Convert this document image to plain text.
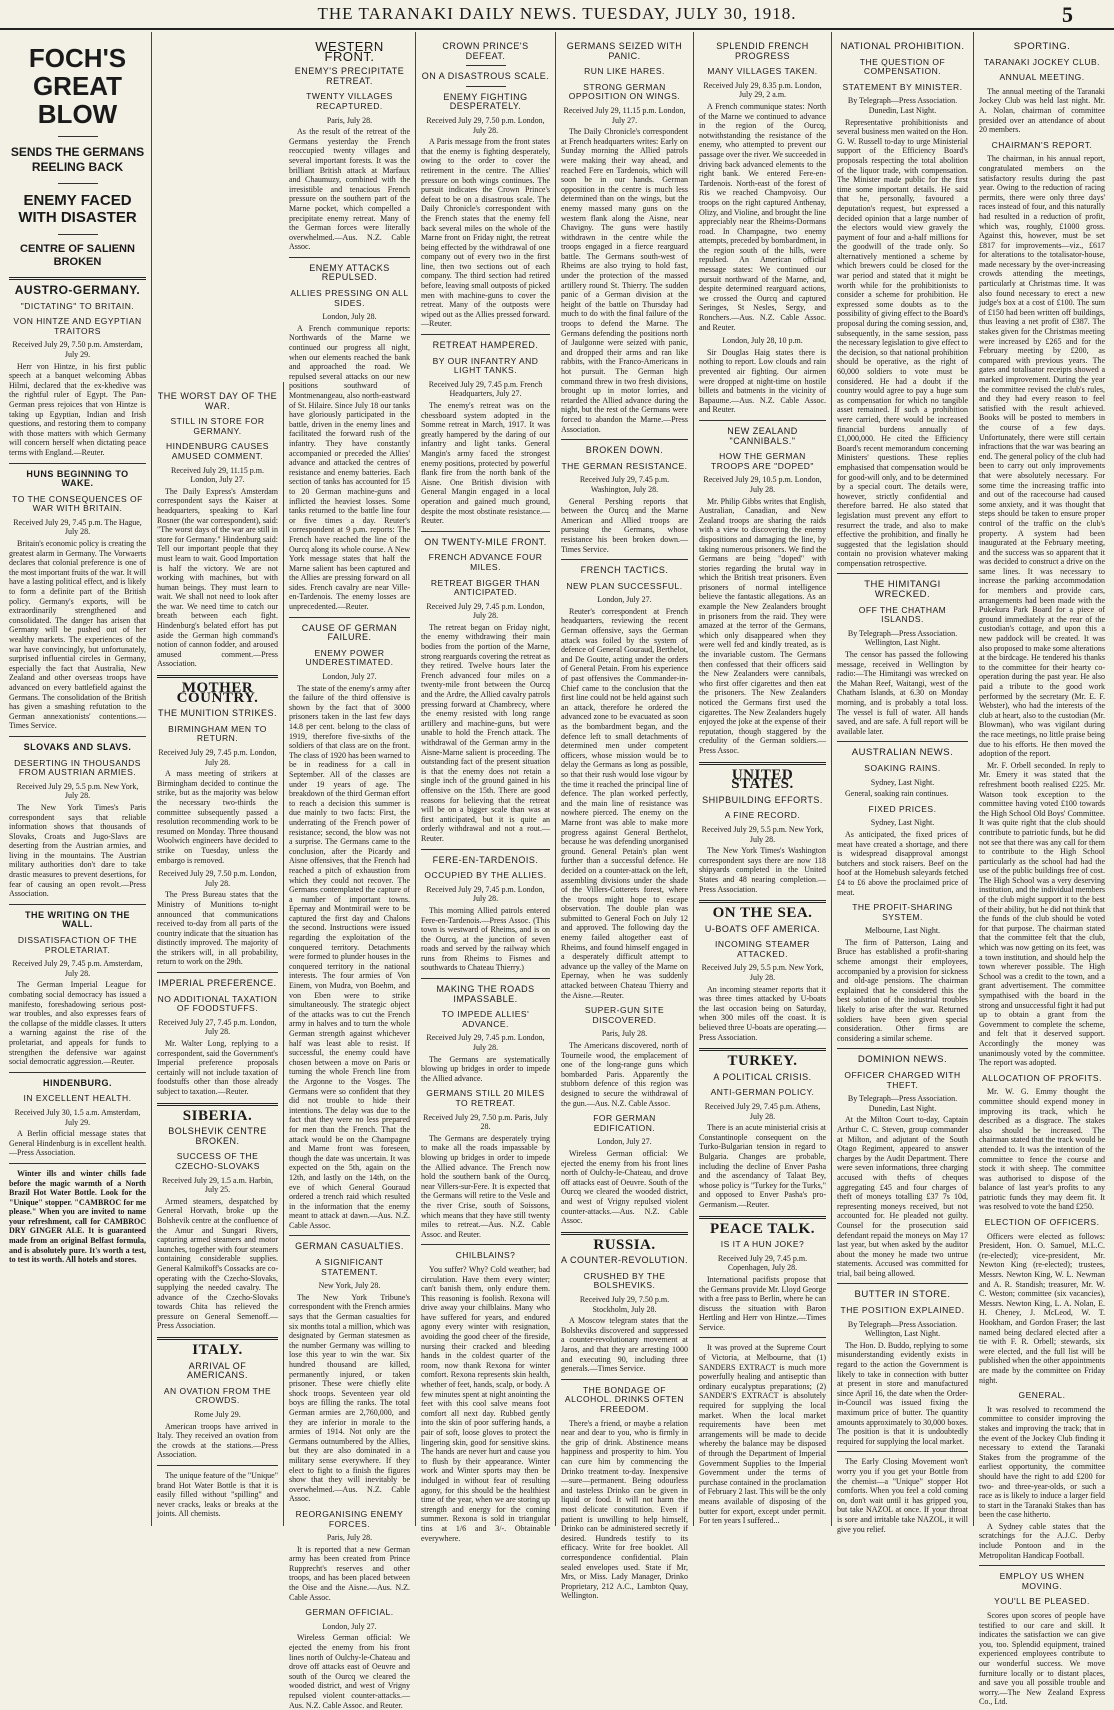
THE TARANAKI DAILY NEWS. TUESDAY, JULY 30, 1918.	5
FOCH'S GREAT BLOW
SENDS THE GERMANS REELING BACK
ENEMY FACED WITH DISASTER
CENTRE OF SALIENN BROKEN
AUSTRO-GERMANY.
"DICTATING" TO BRITAIN.
VON HINTZE AND EGYPTIAN TRAITORS

Received July 29, 7.50 p.m. Amsterdam, July 29.

Herr von Hintze, in his first public speech at a banquet welcoming Abbas Hilmi, declared that the ex-khedive was the rightful ruler of Egypt. The Pan-German press rejoices that von Hintze is taking up Egyptian, Indian and Irish questions, and restoring them to company with those matters with which Germany will concern herself when dictating peace terms with England.—Reuter.

HUNS BEGINNING TO WAKE.
TO THE CONSEQUENCES OF WAR WITH BRITAIN.

Received July 29, 7.45 p.m. The Hague, July 28.

Britain's economic policy is creating the greatest alarm in Germany. The Vorwaerts declares that colonial preference is one of the most important fruits of the war. It will have a lasting political effect, and is likely to form a definite part of the British policy. Germany's exports, will be extraordinarily strengthened and consolidated. The danger has arisen that Germany will be pushed out of her wealthy markets. The experiences of the war have convincingly, but unfortunately, surprised influential circles in Germany, especially the fact that Australia, New Zealand and other overseas troops have advanced on every battlefield against the Germans. The consolidation of the British has given a smashing refutation to the German annexationists' contentions.—Times Service.

SLOVAKS AND SLAVS.
DESERTING IN THOUSANDS FROM AUSTRIAN ARMIES.

Received July 29, 5.5 p.m. New York, July 28.

The New York Times's Paris correspondent says that reliable information shows that thousands of Slovaks, Croats and Jugo-Slavs are deserting from the Austrian armies, and living in the mountains. The Austrian military authorities don't dare to take drastic measures to prevent desertions, for fear of causing an open revolt.—Press Association.

THE WRITING ON THE WALL.
DISSATISFACTION OF THE PROLETARIAT.

Received July 29, 7.45 p.m. Amsterdam, July 28.

The German Imperial League for combating social democracy has issued a manifesto, foreshadowing serious post-war troubles, and also expresses fears of the collapse of the middle classes. It utters a warning against the rise of the proletariat, and appeals for funds to strengthen the defensive war against social democratic aggression.—Reuter.

HINDENBURG.
IN EXCELLENT HEALTH.

Received July 30, 1.5 a.m. Amsterdam, July 29.

A Berlin official message states that General Hindenburg is in excellent health.—Press Association.

Winter ills and winter chills fade before the magic warmth of a North Brazil Hot Water Bottle. Look for the "Unique" stopper. "CAMBROC for me please." When you are invited to name your refreshment, call for CAMBROC DRY GINGER ALE. It is guaranteed made from an original Belfast formula, and is absolutely pure. It's worth a test, to test its worth. All hotels and stores.

THE WORST DAY OF THE WAR.
STILL IN STORE FOR GERMANY.
HINDENBURG CAUSES AMUSED COMMENT.

Received July 29, 11.15 p.m. London, July 27.

The Daily Express's Amsterdam correspondent says the Kaiser at headquarters, speaking to Karl Rosner (the war correspondent), said: "The worst days of the war are still in store for Germany." Hindenburg said: Tell our important people that they must learn to wait. Good Importation is half the victory. We are not working with machines, but with human beings. They must learn to wait. We shall not need to look after the war. We need time to catch our breath between each fight. Hindenburg's belated effort has put aside the German high command's notion of cannon fodder, and aroused amused comment.—Press Association.

MOTHER COUNTRY.
THE MUNITION STRIKES.
BIRMINGHAM MEN TO RETURN.

Received July 29, 7.45 p.m. London, July 28.

A mass meeting of strikers at Birmingham decided to continue the strike, but as the majority was below the necessary two-thirds the committee subsequently passed a resolution recommending work to be resumed on Monday. Three thousand Woolwich engineers have decided to strike on Tuesday, unless the embargo is removed.

Received July 29, 7.50 p.m. London, July 28.

The Press Bureau states that the Ministry of Munitions to-night announced that communications received to-day from all parts of the country indicate that the situation has distinctly improved. The majority of the strikers will, in all probability, return to work on the 29th.

IMPERIAL PREFERENCE.
NO ADDITIONAL TAXATION OF FOODSTUFFS.

Received July 27, 7.45 p.m. London, July 28.

Mr. Walter Long, replying to a correspondent, said the Government's Imperial preference proposals certainly will not include taxation of foodstuffs other than those already subject to taxation.—Reuter.

SIBERIA.
BOLSHEVIK CENTRE BROKEN.
SUCCESS OF THE CZECHO-SLOVAKS

Received July 29, 1.5 a.m. Harbin, July 25.

Armed steamers, despatched by General Horvath, broke up the Bolshevik centre at the confluence of the Amur and Sungari Rivers, capturing armed steamers and motor launches, together with four steamers containing considerable supplies. General Kalmikoff's Cossacks are co-operating with the Czecho-Slovaks, supplying the needed cavalry. The advance of the Czecho-Slovaks towards Chita has relieved the pressure on General Semenoff.—Press Association.

ITALY.
ARRIVAL OF AMERICANS.
AN OVATION FROM THE CROWDS.

Rome July 29.

American troops have arrived in Italy. They received an ovation from the crowds at the stations.—Press Association.

The unique feature of the "Unique" brand Hot Water Bottle is that it is easily filled without "spilling" and never cracks, leaks or breaks at the joints. All chemists.

WESTERN FRONT.
ENEMY'S PRECIPITATE RETREAT.
TWENTY VILLAGES RECAPTURED.

Paris, July 28.

As the result of the retreat of the Germans yesterday the French reoccupied twenty villages and several important forests. It was the brilliant British attack at Marfaux and Chaumuzy, combined with the irresistible and tenacious French pressure on the southern part of the Marne pocket, which compelled a precipitate enemy retreat. Many of the German forces were literally overwhelmed.—Aus. N.Z. Cable Assoc.

ENEMY ATTACKS REPULSED.
ALLIES PRESSING ON ALL SIDES.

London, July 28.

A French communique reports: Northwards of the Marne we continued our progress all night, when our elements reached the bank and approached the road. We repulsed several attacks on our new positions southward of Montmenangeau, also north-eastward of St. Hilaire. Since July 18 our tanks have gloriously participated in the battle, driven in the enemy lines and facilitated the forward rush of the infantry. They have constantly accompanied or preceded the Allies' advance and attacked the centres of resistance and enemy batteries. Each section of tanks has accounted for 15 to 20 German machine-guns and inflicted the heaviest losses. Some tanks returned to the battle line four or five times a day. Reuter's correspondent at 9 p.m. reports: The French have reached the line of the Ourcq along its whole course. A New York message states that half the Marne salient has been captured and the Allies are pressing forward on all sides. French cavalry are near Ville-en-Tardenois. The enemy losses are unprecedented.—Reuter.

CAUSE OF GERMAN FAILURE.
ENEMY POWER UNDERESTIMATED.

London, July 27.

The state of the enemy's army after the failure of the third offensive is shown by the fact that of 3000 prisoners taken in the last few days 14.8 per cent. belong to the class of 1919, therefore five-sixths of the soldiers of that class are on the front. The class of 1920 has been warned to be in readiness for a call in September. All of the classes are under 19 years of age. The breakdown of the third German effort to reach a decision this summer is due mainly to two facts: First, the underrating of the French power of resistance; second, the blow was not a surprise. The Germans came to the conclusion, after the Picardy and Aisne offensives, that the French had reached a pitch of exhaustion from which they could not recover. The Germans contemplated the capture of a number of important towns. Epernay and Montmirail were to be captured the first day and Chalons the second. Instructions were issued regarding the exploitation of the conquered territory. Detachments were formed to plunder houses in the conquered territory in the national interests. The four armies of Von Einem, von Mudra, von Boehm, and von Eben were to strike simultaneously. The strategic object of the attacks was to cut the French army in halves and to turn the whole German strength against whichever half was least able to resist. If successful, the enemy could have chosen between a move on Paris or turning the whole French line from the Argonne to the Vosges. The Germans were so confident that they did not trouble to hide their intentions. The delay was due to the fact that they were no less prepared for men than the French. That the attack would be on the Champagne and Marne front was foreseen, though the date was uncertain. It was expected on the 5th, again on the 12th, and lastly on the 14th, on the eve of which General Gouraud ordered a trench raid which resulted in the information that the enemy meant to attack at dawn.—Aus. N.Z. Cable Assoc.

GERMAN CASUALTIES.
A SIGNIFICANT STATEMENT.

New York, July 28.

The New York Tribune's correspondent with the French armies says that the German casualties for six months total a million, which was designated by German statesmen as the number Germany was willing to lose this year to win the war. Six hundred thousand are killed, permanently injured, or taken prisoner. These were chiefly elite shock troops. Seventeen year old boys are filling the ranks. The total German armies are 2,760,000, and they are inferior in morale to the armies of 1914. Not only are the Germans outnumbered by the Allies, but they are also dominated in a military sense everywhere. If they elect to fight to a finish the figures show that they will inevitably be overwhelmed.—Aus. N.Z. Cable Assoc.

REORGANISING ENEMY FORCES.

Paris, July 28.

It is reported that a new German army has been created from Prince Rupprecht's reserves and other troops, and has been placed between the Oise and the Aisne.—Aus. N.Z. Cable Assoc.

GERMAN OFFICIAL.

London, July 27.

Wireless German official: We ejected the enemy from his front lines north of Oulchy-le-Chateau and drove off attacks east of Oeuvre and south of the Ourcq we cleared the wooded district, and west of Vrigny repulsed violent counter-attacks.—Aus. N.Z. Cable Assoc. and Reuter.

CROWN PRINCE'S DEFEAT.
ON A DISASTROUS SCALE.
ENEMY FIGHTING DESPERATELY.

Received July 29, 7.50 p.m. London, July 28.

A Paris message from the front states that the enemy is fighting desperately, owing to the order to cover the retirement in the centre. The Allies' pressure on both wings continues. The pursuit indicates the Crown Prince's defeat to be on a disastrous scale. The Daily Chronicle's correspondent with the French states that the enemy fell back several miles on the whole of the Marne front on Friday night, the retreat being effected by the withdrawal of one company out of every two in the first line, then two sections out of each company. The third section had retired before, leaving small outposts of picked men with machine-guns to cover the retreat. Many of the outposts were wiped out as the Allies pressed forward.—Reuter.

RETREAT HAMPERED.
BY OUR INFANTRY AND LIGHT TANKS.

Received July 29, 7.45 p.m. French Headquarters, July 27.

The enemy's retreat was on the chessboard system adopted in the Somme retreat in March, 1917. It was greatly hampered by the daring of our infantry and light tanks. General Mangin's army faced the strongest enemy positions, protected by powerful flank fire from the north bank of the Aisne. One British division with General Mangin engaged in a local operation and gained much ground, despite the most obstinate resistance.—Reuter.

ON TWENTY-MILE FRONT.
FRENCH ADVANCE FOUR MILES.
RETREAT BIGGER THAN ANTICIPATED.

Received July 29, 7.45 p.m. London, July 28.

The retreat began on Friday night, the enemy withdrawing their main bodies from the portion of the Marne, strong rearguards covering the retreat as they retired. Twelve hours later the French advanced four miles on a twenty-mile front between the Ourcq and the Ardre, the Allied cavalry patrols pressing forward at Chambrecy, where the enemy resisted with long range artillery and machine-guns, but were unable to hold the French attack. The withdrawal of the German army in the Aisne-Marne salient is proceeding. The outstanding fact of the present situation is that the enemy does not retain a single inch of the ground gained in his offensive on the 15th. There are good reasons for believing that the retreat will be on a bigger scale than was at first anticipated, but it is quite an orderly withdrawal and not a rout.—Reuter.

FERE-EN-TARDENOIS.
OCCUPIED BY THE ALLIES.

Received July 29, 7.45 p.m. London, July 28.

This morning Allied patrols entered Fere-en-Tardenois.—Press Assoc. (This town is westward of Rheims, and is on the Ourcq, at the junction of seven roads and served by the railway which runs from Rheims to Fismes and southwards to Chateau Thierry.)

MAKING THE ROADS IMPASSABLE.
TO IMPEDE ALLIES' ADVANCE.

Received July 29, 7.45 p.m. London, July 28.

The Germans are systematically blowing up bridges in order to impede the Allied advance.

GERMANS STILL 20 MILES TO RETREAT.

Received July 29, 7.50 p.m. Paris, July 28.

The Germans are desperately trying to make all the roads impassable by blowing up bridges in order to impede the Allied advance. The French now hold the southern bank of the Ourcq, near Villers-sur-Fere. It is expected that the Germans will retire to the Vesle and the river Crise, south of Soissons, which means that they have still twenty miles to retreat.—Aus. N.Z. Cable Assoc. and Reuter.

CHILBLAINS?

You suffer? Why? Cold weather; bad circulation. Have them every winter; can't banish them, only endure them. This reasoning is foolish. Rexona will drive away your chilblains. Many who have suffered for years, and endured agony every winter with resignation, avoiding the good cheer of the fireside, nursing their cracked and bleeding hands in the coldest quarter of the room, now thank Rexona for winter comfort. Rexona represents skin health, whether of feet, hands, scalp, or body. A few minutes spent at night anointing the feet with this cool salve means foot comfort all next day. Rubbed gently into the skin of poor suffering hands, a pair of soft, loose gloves to protect the lingering skin, good for sensitive skins. The hands are never hurt and cause you to flush by their appearance. Winter work and Winter sports may then be indulged in without fear of resulting agony, for this should be the healthiest time of the year, when we are storing up strength and energy for the coming summer. Rexona is sold in triangular tins at 1/6 and 3/-. Obtainable everywhere.

GERMANS SEIZED WITH PANIC.
RUN LIKE HARES.
STRONG GERMAN OPPOSITION ON WINGS.

Received July 29, 11.15 p.m. London, July 27.

The Daily Chronicle's correspondent at French headquarters writes: Early on Sunday morning the Allied patrols were making their way ahead, and reached Fere en Tardenois, which will soon be in our hands. German opposition in the centre is much less determined than on the wings, but the enemy massed many guns on the western flank along the Aisne, near Chavigny. The guns were hastily withdrawn in the centre while the troops engaged in a fierce rearguard battle. The Germans south-west of Rheims are also trying to hold fast, under the protection of the massed artillery round St. Thierry. The sudden panic of a German division at the height of the battle on Thursday had much to do with the final failure of the troops to defend the Marne. The Germans defending the positions north of Jaulgonne were seized with panic, and dropped their arms and ran like rabbits, with the Franco-Americans in hot pursuit. The German high command threw in two fresh divisions, brought up in motor lorries, and retarded the Allied advance during the night, but the rest of the Germans were forced to abandon the Marne.—Press Association.

BROKEN DOWN.
THE GERMAN RESISTANCE.

Received July 29, 7.45 p.m. Washington, July 28.

General Pershing reports that between the Ourcq and the Marne American and Allied troops are pursuing the Germans, whose resistance his been broken down.—Times Service.

FRENCH TACTICS.
NEW PLAN SUCCESSFUL.

London, July 27.

Reuter's correspondent at French headquarters, reviewing the recent German offensive, says the German attack was foiled by the system of defence of General Gouraud, Berthelot, and De Goutte, acting under the orders of General Petain. From his experience of past offensives the Commander-in-Chief came to the conclusion that the first line could not be held against such an attack, therefore he ordered the advanced zone to be evacuated as soon as the bombardment began, and the defence left to small detachments of determined men under competent officers, whose mission would be to delay the Germans as long as possible, so that their rush would lose vigour by the time it reached the principal line of defence. The plan worked perfectly, and the main line of resistance was nowhere pierced. The enemy on the Marne front was able to make more progress against General Berthelot, because he was defending unorganised ground. General Petain's plan went further than a successful defence. He decided on a counter-attack on the left, assembling divisions under the shade of the Villers-Cotterets forest, where the troops might hope to escape observation. The double plan was submitted to General Foch on July 12 and approved. The following day the enemy failed altogether east of Rheims, and found himself engaged in a desperately difficult attempt to advance up the valley of the Marne on Epernay, when he was suddenly attacked between Chateau Thierry and the Aisne.—Reuter.

SUPER-GUN SITE DISCOVERED.

Paris, July 28.

The Americans discovered, north of Tourneile wood, the emplacement of one of the long-range guns which bombarded Paris. Apparently the stubborn defence of this region was designed to secure the withdrawal of the gun.—Aus. N.Z. Cable Assoc.

FOR GERMAN EDIFICATION.

London, July 27.

Wireless German official: We ejected the enemy from his front lines north of Oulchy-le-Chateau, and drove off attacks east of Oeuvre. South of the Ourcq we cleared the wooded district, and west of Vrigny repulsed violent counter-attacks.—Aus. N.Z. Cable Assoc.

RUSSIA.
A COUNTER-REVOLUTION.
CRUSHED BY THE BOLSHEVIKS.

Received July 29, 7.50 p.m. Stockholm, July 28.

A Moscow telegram states that the Bolsheviks discovered and suppressed a counter-revolutionary movement at Jaros, and that they are arresting 1000 and executing 90, including three generals.—Times Service.

THE BONDAGE OF ALCOHOL. DRINKS OFTEN FREEDOM.

There's a friend, or maybe a relation near and dear to you, who is firmly in the grip of drink. Abstinence means happiness and prosperity to him. You can cure him by commencing the Drinko treatment to-day. Inexpensive—sure—permanent. Being odourless and tasteless Drinko can be given in liquid or food. It will not harm the most delicate constitution. Even if patient is unwilling to help himself, Drinko can be administered secretly if desired. Hundreds testify to its efficacy. Write for free booklet. All correspondence confidential. Plain sealed envelopes used. State if Mr, Mrs, or Miss. Lady Manager, Drinko Proprietary, 212 A.C., Lambton Quay, Wellington.

SPLENDID FRENCH PROGRESS
MANY VILLAGES TAKEN.

Received July 29, 8.35 p.m. London, July 29, 2 a.m.

A French communique states: North of the Marne we continued to advance in the region of the Ourcq, notwithstanding the resistance of the enemy, who attempted to prevent our passage over the river. We succeeded in driving back advanced elements to the right bank. We entered Fere-en-Tardenois. North-east of the forest of Ris we reached Champvoisy. Our troops on the right captured Anthenay, Olizy, and Violine, and brought the line appreciably near the Rheims-Dormans road. In Champagne, two enemy attempts, preceded by bombardment, in the region south of the hills, were repulsed. An American official message states: We continued our pursuit northward of the Marne, and, despite determined rearguard actions, we crossed the Ourcq and captured Seringes, St Nesles, Sergy, and Ronchers.—Aus. N.Z. Cable Assoc. and Reuter.

London, July 28, 10 p.m.

Sir Douglas Haig states there is nothing to report. Low clouds and rain prevented air fighting. Our airmen were dropped at night-time on hostile billets and batments in the vicinity of Bapaume.—Aus. N.Z. Cable Assoc. and Reuter.

NEW ZEALAND "CANNIBALS."
HOW THE GERMAN TROOPS ARE "DOPED"

Received July 29, 10.5 p.m. London, July 28.

Mr. Philip Gibbs writes that English, Australian, Canadian, and New Zealand troops are sharing the raids with a view to discovering the enemy dispositions and damaging the line, by taking numerous prisoners. We find the Germans are being "doped" with stories regarding the brutal way in which the British treat prisoners. Even prisoners of normal intelligence believe the fantastic allegations. As an example the New Zealanders brought in prisoners from the raid. They were amazed at the terror of the Germans, which only disappeared when they were well fed and kindly treated, as is the invariable custom. The Germans then confessed that their officers said the New Zealanders were cannibals, who first offer cigarettes and then eat the prisoners. The New Zealanders noticed the Germans first used the cigarettes. The New Zealanders hugely enjoyed the joke at the expense of their reputation, though staggered by the credulity of the German soldiers.—Press Assoc.

UNITED STATES.
SHIPBUILDING EFFORTS.
A FINE RECORD.

Received July 29, 5.5 p.m. New York, July 28.

The New York Times's Washington correspondent says there are now 118 shipyards completed in the United States and 48 nearing completion.—Press Association.

ON THE SEA.
U-BOATS OFF AMERICA.
INCOMING STEAMER ATTACKED.

Received July 29, 5.5 p.m. New York, July 28.

An incoming steamer reports that it was three times attacked by U-boats the last occasion being on Saturday, when 300 miles off the coast. It is believed three U-boats are operating.—Press Association.

TURKEY.
A POLITICAL CRISIS.
ANTI-GERMAN POLICY.

Received July 29, 7.45 p.m. Athens, July 28.

There is an acute ministerial crisis at Constantinople consequent on the Turko-Bulgarian tension in regard to Bulgaria. Changes are probable, including the decline of Enver Pasha and the ascendancy of Talaat Bey, whose policy is "Turkey for the Turks," and opposed to Enver Pasha's pro-Germanism.—Reuter.

PEACE TALK.
IS IT A HUN JOKE?

Received July 29, 7.45 p.m. Copenhagen, July 28.

International pacifists propose that the Germans provide Mr. Lloyd George with a free pass to Berlin, where he can discuss the situation with Baron Hertling and Herr von Hintze.—Times Service.

It was proved at the Supreme Court of Victoria, at Melbourne, that (1) SANDERS EXTRACT is much more powerfully healing and antiseptic than ordinary eucalyptus preparations; (2) SANDER'S EXTRACT is absolutely required for supplying the local market. When the local market requirements have been met arrangements will be made to decide whereby the balance may be disposed of through the Department of Imperial Government Supplies to the Imperial Government under the terms of purchase contained in the proclamation of February 2 last. This will be the only means available of disposing of the butter for export, except under permit. For ten years I suffered...

NATIONAL PROHIBITION.
THE QUESTION OF COMPENSATION.
STATEMENT BY MINISTER.

By Telegraph—Press Association. Dunedin, Last Night.

Representative prohibitionists and several business men waited on the Hon. G. W. Russell to-day to urge Ministerial support of the Efficiency Board's proposals respecting the total abolition of the liquor trade, with compensation. The Minister made public for the first time some important details. He said that he, personally, favoured a deputation's request, but expressed a decided opinion that a large number of the electors would view gravely the payment of four and a-half millions for the goodwill of the trade only. So alternatively mentioned a scheme by which brewers could be closed for the war period and stated that it might be worth while for the prohibitionists to consider a scheme for prohibition. He expressed some doubts as to the possibility of giving effect to the Board's proposal during the coming session, and, subsequently, in the same session, pass the necessary legislation to give effect to the decision, so that national prohibition should be operative, as the right of 60,000 soldiers to vote must be considered. He had a doubt if the country would agree to pay a huge sum as compensation for which no tangible asset remained. If such a prohibition were carried, there would be increased financial burdens annually of £1,000,000. He cited the Efficiency Board's recent memorandum concerning Ministers' questions. These replies emphasised that compensation would be for good-will only, and to be determined by a special court. The details were, however, strictly confidential and therefore barred. He also stated that legislation must prevent any effort to resurrect the trade, and also to make effective the prohibition, and finally he suggested that the legislation should contain no provision whatever making compensation retrospective.

THE HIMITANGI WRECKED.
OFF THE CHATHAM ISLANDS.

By Telegraph—Press Association. Wellington, Last Night.

The censor has passed the following message, received in Wellington by radio:—The Himitangi was wrecked on the Mahan Reef, Waitangi, west of the Chatham Islands, at 6.30 on Monday morning, and is probably a total loss. The vessel is full of water. All hands saved, and are safe. A full report will be available later.

AUSTRALIAN NEWS.
SOAKING RAINS.

Sydney, Last Night.

General, soaking rain continues.

FIXED PRICES.

Sydney, Last Night.

As anticipated, the fixed prices of meat have created a shortage, and there is widespread disapproval amongst butchers and stock raisers. Beef on the hoof at the Homebush saleyards fetched £4 to £6 above the proclaimed price of meat.

THE PROFIT-SHARING SYSTEM.

Melbourne, Last Night.

The firm of Patterson, Laing and Bruce has established a profit-sharing scheme amongst their employees, accompanied by a provision for sickness and old-age pensions. The chairman explained that he considered this the best solution of the industrial troubles likely to arise after the war. Returned soldiers have been given special consideration. Other firms are considering a similar scheme.

DOMINION NEWS.
OFFICER CHARGED WITH THEFT.

By Telegraph—Press Association. Dunedin, Last Night.

At the Milton Court to-day, Captain Arthur C. C. Steven, group commander at Milton, and adjutant of the South Otago Regiment, appeared to answer charges by the Audit Department. There were seven informations, three charging accused with thefts of cheques aggregating £45 and four charges of theft of moneys totalling £37 7s 10d, representing moneys received, but not accounted for. He pleaded not guilty. Counsel for the prosecution said defendant repaid the moneys on May 17 last year, but when asked by the auditor about the money he made two untrue statements. Accused was committed for trial, bail being allowed.

BUTTER IN STORE.
THE POSITION EXPLAINED.

By Telegraph—Press Association. Wellington, Last Night.

The Hon. D. Buddo, replying to some misunderstanding evidently exists in regard to the action the Government is likely to take in connection with butter at present in store and manufactured since April 16, the date when the Order-in-Council was issued fixing the maximum price of butter. The quantity amounts approximately to 30,000 boxes. The position is that it is undoubtedly required for supplying the local market.

The Early Closing Movement won't worry you if you get your Bottle from the chemist—a "Unique" stopper Hot comforts. When you feel a cold coming on, don't wait until it has gripped you, but take NAZOL at once. If your throat is sore and irritable take NAZOL, it will give you relief.

SPORTING.
TARANAKI JOCKEY CLUB.
ANNUAL MEETING.

The annual meeting of the Taranaki Jockey Club was held last night. Mr. A. Nolan, chairman of committee presided over an attendance of about 20 members.

CHAIRMAN'S REPORT.

The chairman, in his annual report, congratulated members on the satisfactory results during the past year. Owing to the reduction of racing permits, there were only three days' races instead of four, and this naturally had resulted in a reduction of profit, which was, roughly, £1000 gross. Against this, however, must be set £817 for improvements—viz., £617 for alterations to the totalisator-house, made necessary by the over-increasing crowds attending the meetings, particularly at Christmas time. It was also found necessary to erect a new judge's box at a cost of £100. The sum of £150 had been written off buildings, thus leaving a net profit of £387. The stakes given for the Christmas meeting were increased by £265 and for the February meeting by £200, as compared with previous years. The gates and totalisator receipts showed a marked improvement. During the year the committee revised the club's rules, and they had every reason to feel satisfied with the result achieved. Books will be posted to members in the course of a few days. Unfortunately, there were still certain infractions that the war was bearing an end. The general policy of the club had been to carry out only improvements that were absolutely necessary. For some time the increasing traffic into and out of the racecourse had caused some anxiety, and it was thought that steps should be taken to ensure proper control of the traffic on the club's property. A system had been inaugurated at the February meeting, and the success was so apparent that it was decided to construct a drive on the same lines. It was necessary to increase the parking accommodation for members and provide cars, arrangements had been made with the Pukekura Park Board for a piece of ground immediately at the rear of the custodian's cottage, and upon this a new paddock will be created. It was also proposed to make some alterations at the birdcage. He tendered his thanks to the committee for their hearty co-operation during the past year. He also paid a tribute to the good work performed by the secretary (Mr. E. F. Webster), who had the interests of the club at heart, also to the custodian (Mr. Blowman), who was vigilant during the race meetings, no little praise being due to his efforts. He then moved the adoption of the report.

Mr. F. Orbell seconded. In reply to Mr. Emery it was stated that the refreshment booth realised £225. Mr. Watson took exception to the committee having voted £100 towards the High School Old Boys' Committee. It was quite right that the club should contribute to patriotic funds, but he did not see that there was any call for them to contribute to the High School particularly as the school had had the use of the public buildings free of cost. The High School was a very deserving institution, and the individual members of the club might support it to the best of their ability, but he did not think that the funds of the club should be voted for that purpose. The chairman stated that the committee felt that the club, which was now getting on its feet, was a town institution, and should help the town wherever possible. The High School was a credit to the town, and a grant advertisement. The committee sympathised with the board in the strong and unsuccessful fight it had put up to obtain a grant from the Government to complete the scheme, and felt that it deserved support. Accordingly the money was unanimously voted by the committee. The report was adopted.

ALLOCATION OF PROFITS.

Mr. W. G. Emmy thought the committee should expend money in improving its track, which he described as a disgrace. The stakes also should be increased. The chairman stated that the track would be attended to. It was the intention of the committee to fence the course and stock it with sheep. The committee was authorised to dispose of the balance of last year's profits to any patriotic funds they may deem fit. It was resolved to vote the band £250.

ELECTION OF OFFICERS.

Officers were elected as follows: President, Hon. O. Samuel, M.L.C. (re-elected); vice-president, Mr. Newton King (re-elected); trustees, Messrs. Newton King, W. L. Newman and A. R. Standish; treasurer, Mr. W. C. Weston; committee (six vacancies), Messrs. Newton King, L. A. Nolan, E. H. Cheney, J. McLeod, W. T. Hookham, and Gordon Fraser; the last named being declared elected after a tie with F. R. Orbell; stewards, six were elected, and the full list will be published when the other appointments are made by the committee on Friday night.

GENERAL.

It was resolved to recommend the committee to consider improving the stakes and improving the track; that in the event of the Jockey Club finding it necessary to extend the Taranaki Stakes from the programme of the earliest opportunity, the committee should have the right to add £200 for two- and three-year-olds, or such a race as is likely to induce a larger field to start in the Taranaki Stakes than has been the case hitherto.

A Sydney cable states that the scratchings for the A.J.C. Derby include Pontoon and in the Metropolitan Handicap Football.

EMPLOY US WHEN MOVING.
YOU'LL BE PLEASED.

Scores upon scores of people have testified to our care and skill. It indicates the satisfaction we can give you, too. Splendid equipment, trained experienced employees contribute to our wonderful success. We move furniture locally or to distant places, and save you all possible trouble and worry.—The New Zealand Express Co., Ltd.
